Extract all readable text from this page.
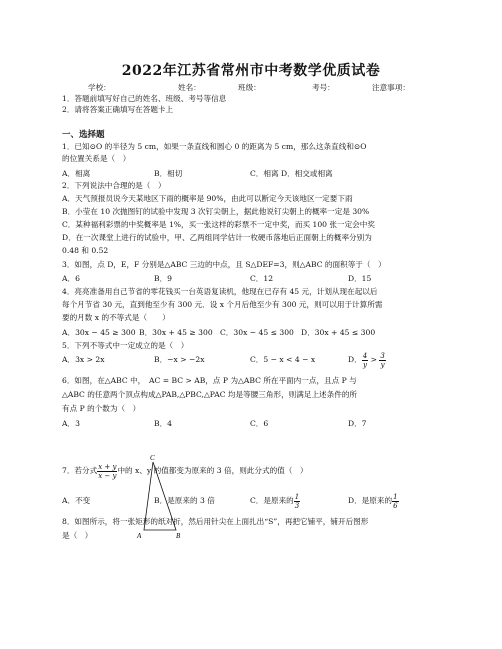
2022年江苏省常州市中考数学优质试卷
学校：	姓名：	班级：	考号：	注意事项：
1．答题前填写好自己的姓名、班级、考号等信息
2．请将答案正确填写在答题卡上
一、选择题
1．已知⊙O 的半径为 5 cm，如果一条直线和圆心 0 的距离为 5 cm，那么这条直线和⊙O
的位置关系是（　）
A．相离	B．相切	C．相离 D．相交或相离
2．下列说法中合理的是（　）
A．天气预报员说今天某地区下雨的概率是 90%，由此可以断定今天该地区一定要下雨
B．小莹在 10 次抛图钉的试验中发现 3 次钉尖朝上，据此他说钉尖朝上的概率一定是 30%
C．某种福利彩票的中奖概率是 1%，买一张这样的彩票不一定中奖，而买 100 张一定会中奖
D．在一次课堂上进行的试验中，甲、乙两组同学估计一枚硬币落地后正面朝上的概率分别为
0.48 和 0.52
3．如图，点 D，E，F 分别是△ABC 三边的中点，且 S△DEF=3，则△ABC 的面积等于（　）
A．6	B．9	C．12	D．15
4．亮亮准备用自己节省的零花钱买一台英语复读机，他现在已存有 45 元，计划从现在起以后
每个月节省 30 元，直到他至少有 300 元．设 x 个月后他至少有 300 元，则可以用于计算所需
要的月数 x 的不等式是（　　）
A．30x − 45 ≥ 300 B．30x + 45 ≥ 300 C．30x − 45 ≤ 300 D．30x + 45 ≤ 300
5．下列不等式中一定成立的是（　）
A．3x > 2x	B．−x > −2x	C．5 − x < 4 − x	D． $\frac{4}{y} > \frac{3}{y}$
6．如图，在△ABC 中，　AC = BC > AB，点 P 为△ABC 所在平面内一点，且点 P 与
△ABC 的任意两个顶点构成△PAB,△PBC,△PAC 均是等腰三角形，则满足上述条件的所
有点 P 的个数为（　）
A．3	B．4	C．6	D．7
C
A	B
7．若分式 $\frac{x + y}{x - y}$ 中的 x、y 的值都变为原来的 3 倍，则此分式的值（　）
A．不变	B．是原来的 3 倍	C．是原来的 $\frac{1}{3}$	D．是原来的 $\frac{1}{6}$
8．如图所示，将一张矩形的纸对折，然后用针尖在上面扎出“S”，再把它铺平，铺开后图形
是（　）
